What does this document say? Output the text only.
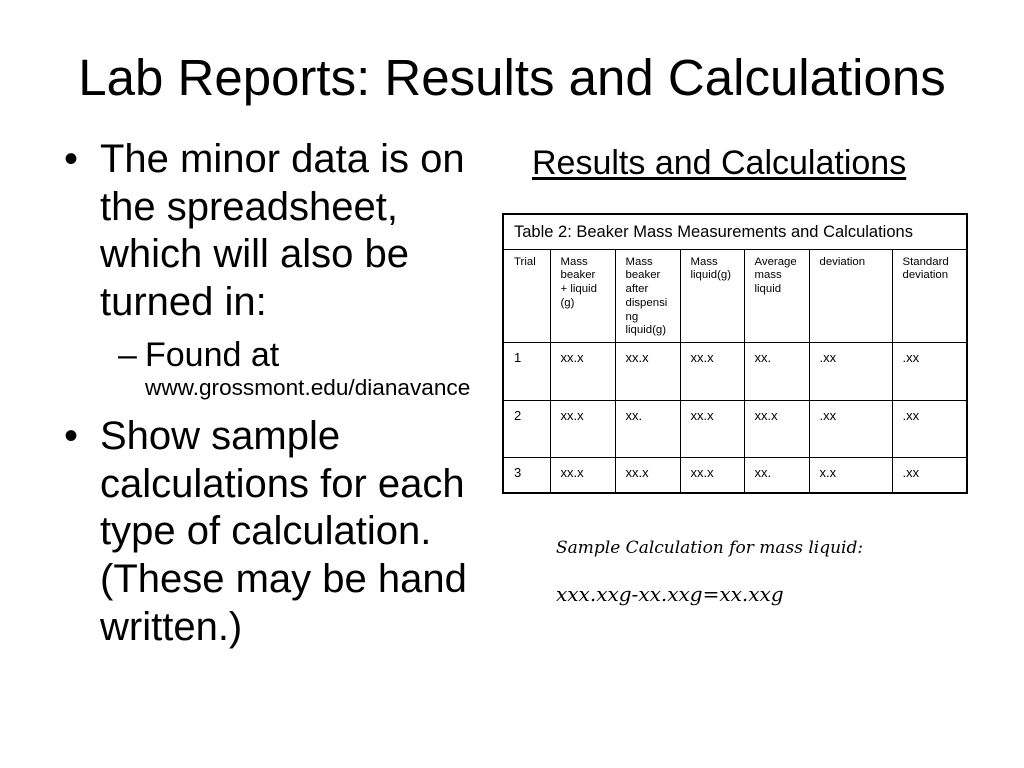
Lab Reports: Results and Calculations
• The minor data is on the spreadsheet, which will also be turned in:
– Found at
www.grossmont.edu/dianavance
• Show sample calculations for each type of calculation. (These may be hand written.)
Results and Calculations
Table 2: Beaker Mass Measurements and Calculations						
Trial	Mass beaker + liquid (g)	Mass beaker after dispensing liquid(g)	Mass liquid(g)	Average mass liquid	deviation	Standard deviation
1	xx.x	xx.x	xx.x	xx.	.xx	.xx
2	xx.x	xx.	xx.x	xx.x	.xx	.xx
3	xx.x	xx.x	xx.x	xx.	x.x	.xx
Sample Calculation for mass liquid:
xxx.xxg-xx.xxg=xx.xxg
